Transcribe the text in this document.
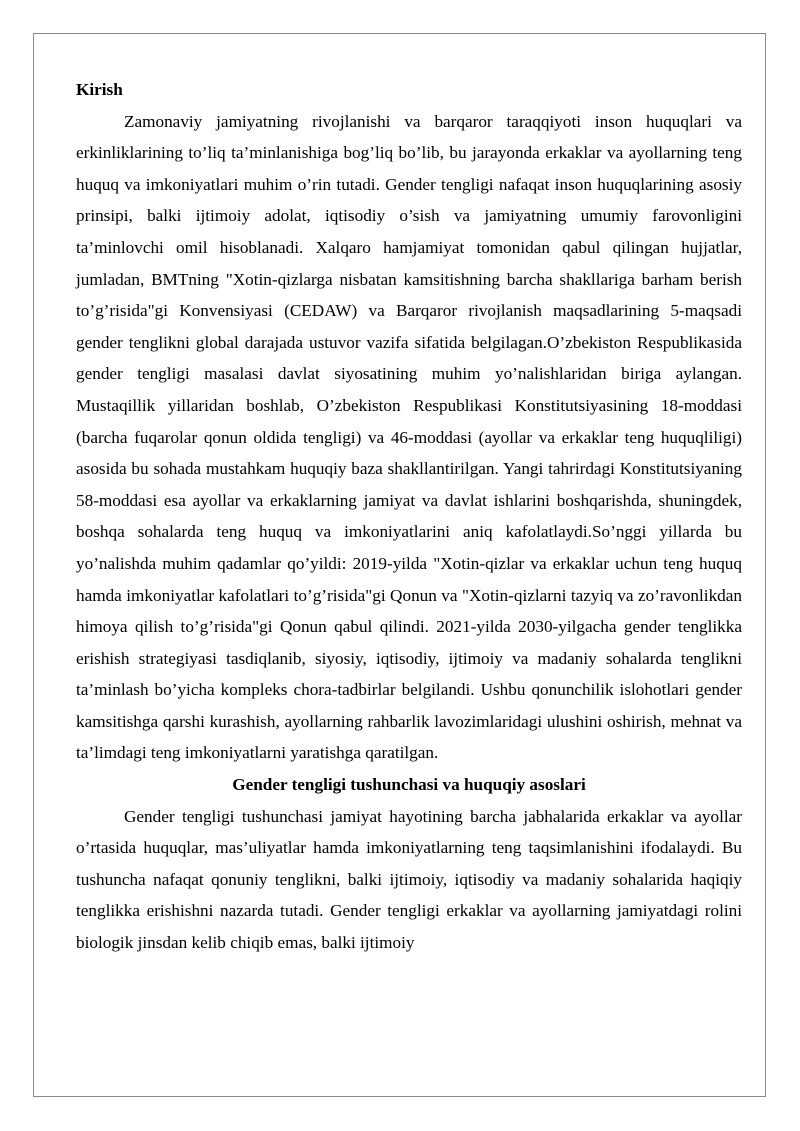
Kirish

Zamonaviy jamiyatning rivojlanishi va barqaror taraqqiyoti inson huquqlari va erkinliklarining to’liq ta’minlanishiga bog’liq bo’lib, bu jarayonda erkaklar va ayollarning teng huquq va imkoniyatlari muhim o’rin tutadi. Gender tengligi nafaqat inson huquqlarining asosiy prinsipi, balki ijtimoiy adolat, iqtisodiy o’sish va jamiyatning umumiy farovonligini ta’minlovchi omil hisoblanadi. Xalqaro hamjamiyat tomonidan qabul qilingan hujjatlar, jumladan, BMTning "Xotin-qizlarga nisbatan kamsitishning barcha shakllariga barham berish to’g’risida"gi Konvensiyasi (CEDAW) va Barqaror rivojlanish maqsadlarining 5-maqsadi gender tenglikni global darajada ustuvor vazifa sifatida belgilagan.O’zbekiston Respublikasida gender tengligi masalasi davlat siyosatining muhim yo’nalishlaridan biriga aylangan. Mustaqillik yillaridan boshlab, O’zbekiston Respublikasi Konstitutsiyasining 18-moddasi (barcha fuqarolar qonun oldida tengligi) va 46-moddasi (ayollar va erkaklar teng huquqliligi) asosida bu sohada mustahkam huquqiy baza shakllantirilgan. Yangi tahrirdagi Konstitutsiyaning 58-moddasi esa ayollar va erkaklarning jamiyat va davlat ishlarini boshqarishda, shuningdek, boshqa sohalarda teng huquq va imkoniyatlarini aniq kafolatlaydi.So’nggi yillarda bu yo’nalishda muhim qadamlar qo’yildi: 2019-yilda "Xotin-qizlar va erkaklar uchun teng huquq hamda imkoniyatlar kafolatlari to’g’risida"gi Qonun va "Xotin-qizlarni tazyiq va zo’ravonlikdan himoya qilish to’g’risida"gi Qonun qabul qilindi. 2021-yilda 2030-yilgacha gender tenglikka erishish strategiyasi tasdiqlanib, siyosiy, iqtisodiy, ijtimoiy va madaniy sohalarda tenglikni ta’minlash bo’yicha kompleks chora-tadbirlar belgilandi. Ushbu qonunchilik islohotlari gender kamsitishga qarshi kurashish, ayollarning rahbarlik lavozimlaridagi ulushini oshirish, mehnat va ta’limdagi teng imkoniyatlarni yaratishga qaratilgan.

Gender tengligi tushunchasi va huquqiy asoslari

Gender tengligi tushunchasi jamiyat hayotining barcha jabhalarida erkaklar va ayollar o’rtasida huquqlar, mas’uliyatlar hamda imkoniyatlarning teng taqsimlanishini ifodalaydi. Bu tushuncha nafaqat qonuniy tenglikni, balki ijtimoiy, iqtisodiy va madaniy sohalarida haqiqiy tenglikka erishishni nazarda tutadi. Gender tengligi erkaklar va ayollarning jamiyatdagi rolini biologik jinsdan kelib chiqib emas, balki ijtimoiy
